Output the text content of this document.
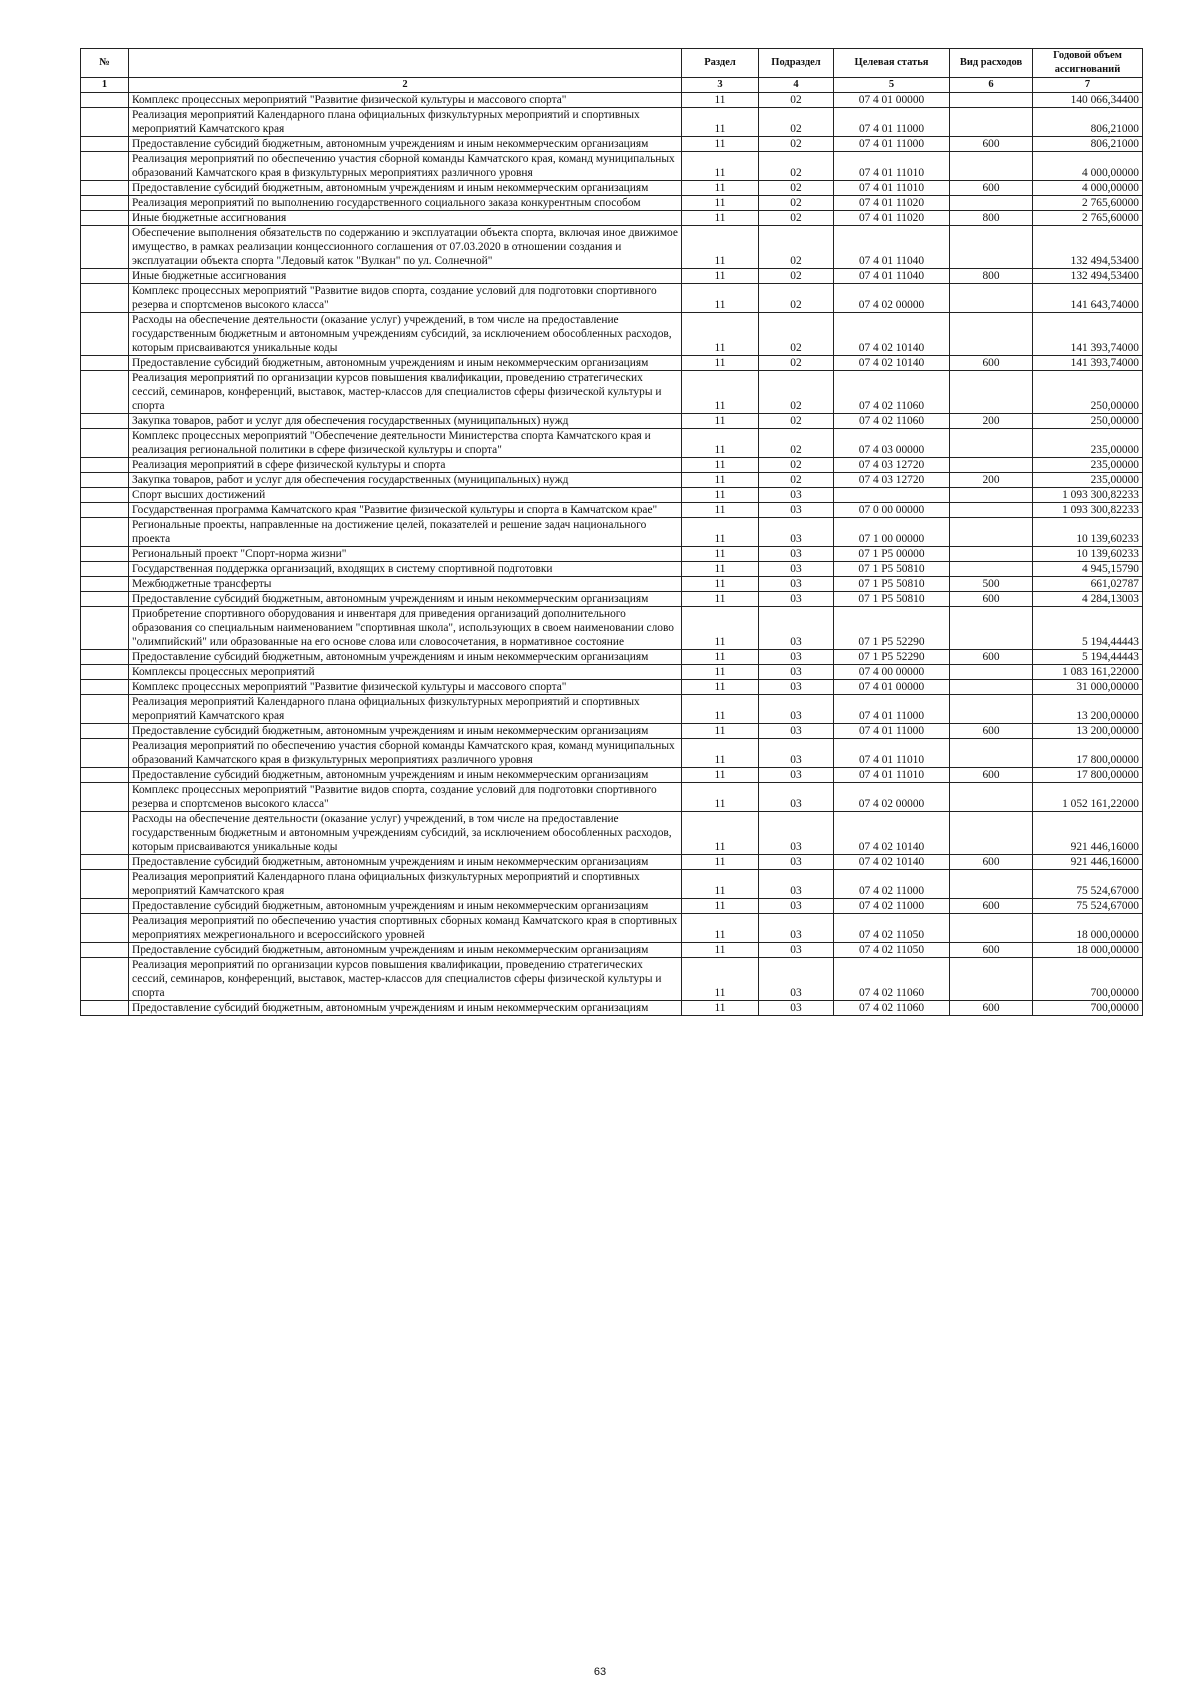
№		Раздел	Подраздел	Целевая статья	Вид расходов	Годовой объем ассигнований
1	2	3	4	5	6	7
	Комплекс процессных мероприятий "Развитие физической культуры и массового спорта"	11	02	07 4 01 00000		140 066,34400
	Реализация мероприятий Календарного плана официальных физкультурных мероприятий и спортивных мероприятий Камчатского края	11	02	07 4 01 11000		806,21000
	Предоставление субсидий бюджетным, автономным учреждениям и иным некоммерческим организациям	11	02	07 4 01 11000	600	806,21000
	Реализация мероприятий по обеспечению участия сборной команды Камчатского края, команд муниципальных образований Камчатского края в физкультурных мероприятиях различного уровня	11	02	07 4 01 11010		4 000,00000
	Предоставление субсидий бюджетным, автономным учреждениям и иным некоммерческим организациям	11	02	07 4 01 11010	600	4 000,00000
	Реализация мероприятий по выполнению государственного социального заказа конкурентным способом	11	02	07 4 01 11020		2 765,60000
	Иные бюджетные ассигнования	11	02	07 4 01 11020	800	2 765,60000
	Обеспечение выполнения обязательств по содержанию и эксплуатации объекта спорта, включая иное движимое имущество, в рамках реализации концессионного соглашения от 07.03.2020 в отношении создания и эксплуатации объекта спорта "Ледовый каток "Вулкан" по ул. Солнечной"	11	02	07 4 01 11040		132 494,53400
	Иные бюджетные ассигнования	11	02	07 4 01 11040	800	132 494,53400
	Комплекс процессных мероприятий "Развитие видов спорта, создание условий для подготовки спортивного резерва и спортсменов высокого класса"	11	02	07 4 02 00000		141 643,74000
	Расходы на обеспечение деятельности (оказание услуг) учреждений, в том числе на предоставление государственным бюджетным и автономным учреждениям субсидий, за исключением обособленных расходов, которым присваиваются уникальные коды	11	02	07 4 02 10140		141 393,74000
	Предоставление субсидий бюджетным, автономным учреждениям и иным некоммерческим организациям	11	02	07 4 02 10140	600	141 393,74000
	Реализация мероприятий по организации курсов повышения квалификации, проведению стратегических сессий, семинаров, конференций, выставок, мастер-классов для специалистов сферы физической культуры и спорта	11	02	07 4 02 11060		250,00000
	Закупка товаров, работ и услуг для обеспечения государственных (муниципальных) нужд	11	02	07 4 02 11060	200	250,00000
	Комплекс процессных мероприятий "Обеспечение деятельности Министерства спорта Камчатского края и реализация региональной политики в сфере физической культуры и спорта"	11	02	07 4 03 00000		235,00000
	Реализация мероприятий в сфере физической культуры и спорта	11	02	07 4 03 12720		235,00000
	Закупка товаров, работ и услуг для обеспечения государственных (муниципальных) нужд	11	02	07 4 03 12720	200	235,00000
	Спорт высших достижений	11	03			1 093 300,82233
	Государственная программа Камчатского края "Развитие физической культуры и спорта в Камчатском крае"	11	03	07 0 00 00000		1 093 300,82233
	Региональные проекты, направленные на достижение целей, показателей и решение задач национального проекта	11	03	07 1 00 00000		10 139,60233
	Региональный проект "Спорт-норма жизни"	11	03	07 1 P5 00000		10 139,60233
	Государственная поддержка организаций, входящих в систему спортивной подготовки	11	03	07 1 P5 50810		4 945,15790
	Межбюджетные трансферты	11	03	07 1 P5 50810	500	661,02787
	Предоставление субсидий бюджетным, автономным учреждениям и иным некоммерческим организациям	11	03	07 1 P5 50810	600	4 284,13003
	Приобретение спортивного оборудования и инвентаря для приведения организаций дополнительного образования со специальным наименованием "спортивная школа", использующих в своем наименовании слово "олимпийский" или образованные на его основе слова или словосочетания, в нормативное состояние	11	03	07 1 P5 52290		5 194,44443
	Предоставление субсидий бюджетным, автономным учреждениям и иным некоммерческим организациям	11	03	07 1 P5 52290	600	5 194,44443
	Комплексы процессных мероприятий	11	03	07 4 00 00000		1 083 161,22000
	Комплекс процессных мероприятий "Развитие физической культуры и массового спорта"	11	03	07 4 01 00000		31 000,00000
	Реализация мероприятий Календарного плана официальных физкультурных мероприятий и спортивных мероприятий Камчатского края	11	03	07 4 01 11000		13 200,00000
	Предоставление субсидий бюджетным, автономным учреждениям и иным некоммерческим организациям	11	03	07 4 01 11000	600	13 200,00000
	Реализация мероприятий по обеспечению участия сборной команды Камчатского края, команд муниципальных образований Камчатского края в физкультурных мероприятиях различного уровня	11	03	07 4 01 11010		17 800,00000
	Предоставление субсидий бюджетным, автономным учреждениям и иным некоммерческим организациям	11	03	07 4 01 11010	600	17 800,00000
	Комплекс процессных мероприятий "Развитие видов спорта, создание условий для подготовки спортивного резерва и спортсменов высокого класса"	11	03	07 4 02 00000		1 052 161,22000
	Расходы на обеспечение деятельности (оказание услуг) учреждений, в том числе на предоставление государственным бюджетным и автономным учреждениям субсидий, за исключением обособленных расходов, которым присваиваются уникальные коды	11	03	07 4 02 10140		921 446,16000
	Предоставление субсидий бюджетным, автономным учреждениям и иным некоммерческим организациям	11	03	07 4 02 10140	600	921 446,16000
	Реализация мероприятий Календарного плана официальных физкультурных мероприятий и спортивных мероприятий Камчатского края	11	03	07 4 02 11000		75 524,67000
	Предоставление субсидий бюджетным, автономным учреждениям и иным некоммерческим организациям	11	03	07 4 02 11000	600	75 524,67000
	Реализация мероприятий по обеспечению участия спортивных сборных команд Камчатского края в спортивных мероприятиях межрегионального и всероссийского уровней	11	03	07 4 02 11050		18 000,00000
	Предоставление субсидий бюджетным, автономным учреждениям и иным некоммерческим организациям	11	03	07 4 02 11050	600	18 000,00000
	Реализация мероприятий по организации курсов повышения квалификации, проведению стратегических сессий, семинаров, конференций, выставок, мастер-классов для специалистов сферы физической культуры и спорта	11	03	07 4 02 11060		700,00000
	Предоставление субсидий бюджетным, автономным учреждениям и иным некоммерческим организациям	11	03	07 4 02 11060	600	700,00000
63
